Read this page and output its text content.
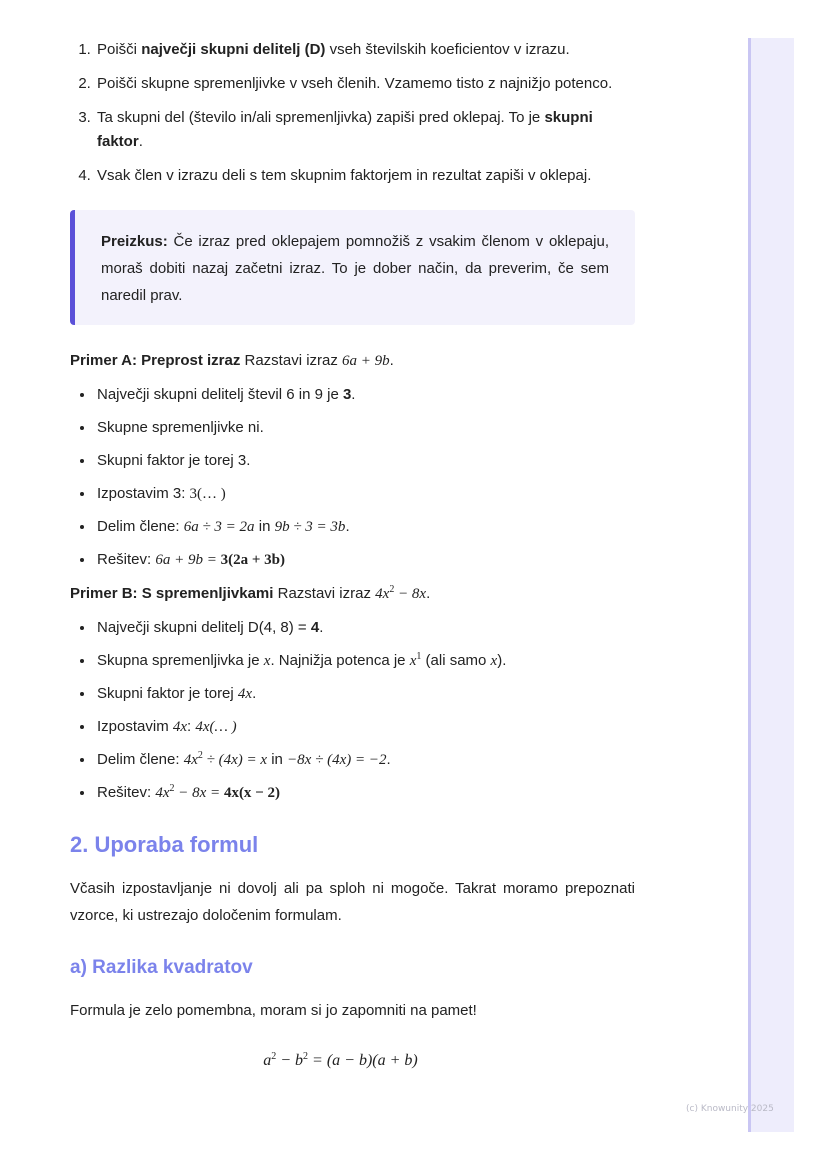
1. Poišči največji skupni delitelj (D) vseh številskih koeficientov v izrazu.
2. Poišči skupne spremenljivke v vseh členih. Vzamemo tisto z najnižjo potenco.
3. Ta skupni del (število in/ali spremenljivka) zapiši pred oklepaj. To je skupni faktor.
4. Vsak člen v izrazu deli s tem skupnim faktorjem in rezultat zapiši v oklepaj.
Preizkus: Če izraz pred oklepajem pomnožiš z vsakim členom v oklepaju, moraš dobiti nazaj začetni izraz. To je dober način, da preverim, če sem naredil prav.
Primer A: Preprost izraz Razstavi izraz 6a + 9b.
• Največji skupni delitelj števil 6 in 9 je 3.
• Skupne spremenljivke ni.
• Skupni faktor je torej 3.
• Izpostavim 3: 3(… )
• Delim člene: 6a ÷ 3 = 2a in 9b ÷ 3 = 3b.
• Rešitev: 6a + 9b = 3(2a + 3b)
Primer B: S spremenljivkami Razstavi izraz $4x^2 - 8x$.
• Največji skupni delitelj D(4, 8) = 4.
• Skupna spremenljivka je x. Najnižja potenca je $x^1$ (ali samo x).
• Skupni faktor je torej 4x.
• Izpostavim 4x: 4x(… )
• Delim člene: $4x^2 \div (4x) = x$ in −8x ÷ (4x) = −2.
• Rešitev: $4x^2 - 8x = 4x(x - 2)$
2. Uporaba formul

Včasih izpostavljanje ni dovolj ali pa sploh ni mogoče. Takrat moramo prepoznati vzorce, ki ustrezajo določenim formulam.

a) Razlika kvadratov

Formula je zelo pomembna, moram si jo zapomniti na pamet!

$a^2 - b^2 = (a - b)(a + b)$
(c) Knowunity 2025
